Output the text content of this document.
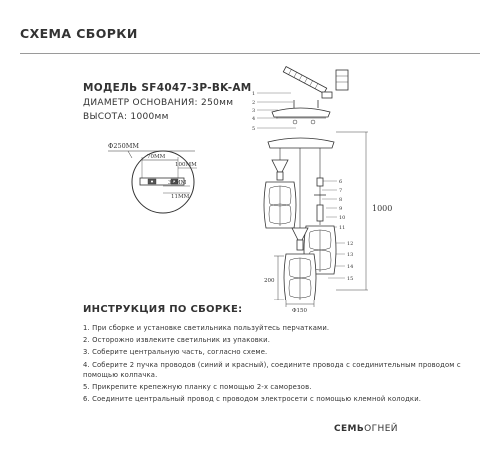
СХЕМА СБОРКИ
МОДЕЛЬ SF4047-3P-BK-AM
ДИАМЕТР ОСНОВАНИЯ: 250мм
ВЫСОТА: 1000мм
Φ250MM
70MM
100MM
35MM
11MM
1
2
3
4
5
6
7
8
9
10
11
12
13
14
15
1000
200
Φ150
ИНСТРУКЦИЯ ПО СБОРКЕ:
1. При сборке и установке светильника пользуйтесь перчатками.
2. Осторожно извлеките светильник из упаковки.
3. Соберите центральную часть, согласно схеме.
4. Соберите 2 пучка проводов (синий и красный), соедините провода с соединительным проводом с помощью колпачка.
5. Прикрепите крепежную планку с помощью 2-х саморезов.
6. Соедините центральный провод с проводом электросети с помощью клемной колодки.
СЕМЬОГНЕЙ
